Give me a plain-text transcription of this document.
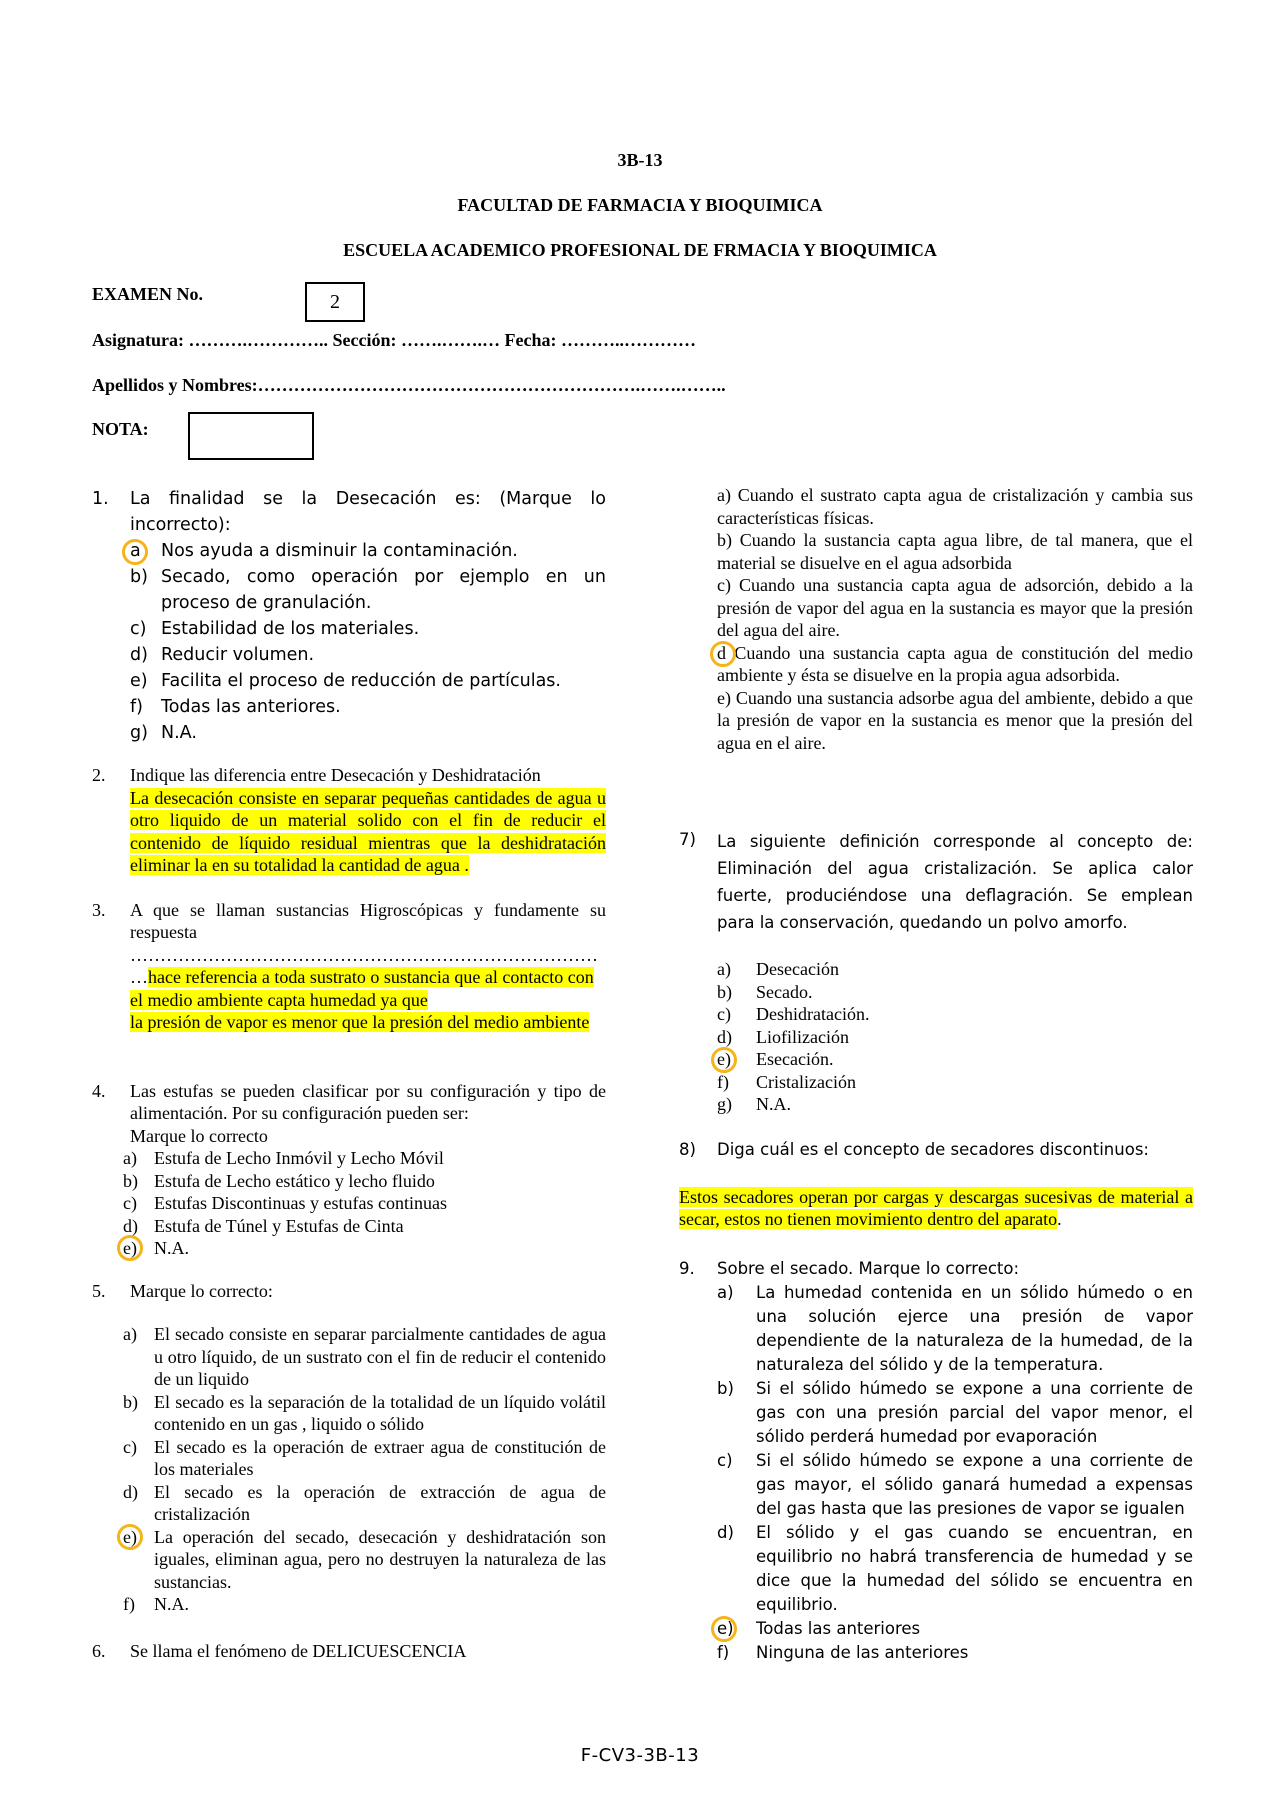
3B-13
FACULTAD DE FARMACIA Y BIOQUIMICA
ESCUELA ACADEMICO PROFESIONAL DE FRMACIA Y BIOQUIMICA
EXAMEN No.	2
Asignatura: ……….………….. Sección: …….…….… Fecha: ………..…………
Apellidos y Nombres:……………………………………………………….…….……..
NOTA:
1. La finalidad se la Desecación es: (Marque lo incorrecto):
a Nos ayuda a disminuir la contaminación.
b) Secado, como operación por ejemplo en un proceso de granulación.
c) Estabilidad de los materiales.
d) Reducir volumen.
e) Facilita el proceso de reducción de partículas.
f) Todas las anteriores.
g) N.A.
2. Indique las diferencia entre Desecación y Deshidratación
La desecación consiste en separar pequeñas cantidades de agua u otro liquido de un material solido con el fin de reducir el contenido de líquido residual mientras que la deshidratación eliminar la en su totalidad la cantidad de agua .
3. A que se llaman sustancias Higroscópicas y fundamente su respuesta
……………………………………………………………………
…hace referencia a toda sustrato o sustancia que al contacto con el medio ambiente capta humedad ya que
la presión de vapor es menor que la presión del medio ambiente
4. Las estufas se pueden clasificar por su configuración y tipo de alimentación. Por su configuración pueden ser:
Marque lo correcto
a) Estufa de Lecho Inmóvil y Lecho Móvil
b) Estufa de Lecho estático y lecho fluido
c) Estufas Discontinuas y estufas continuas
d) Estufa de Túnel y Estufas de Cinta
e) N.A.
5. Marque lo correcto:
a) El secado consiste en separar parcialmente cantidades de agua u otro líquido, de un sustrato con el fin de reducir el contenido de un liquido
b) El secado es la separación de la totalidad de un líquido volátil contenido en un gas , liquido o sólido
c) El secado es la operación de extraer agua de constitución de los materiales
d) El secado es la operación de extracción de agua de cristalización
e) La operación del secado, desecación y deshidratación son iguales, eliminan agua, pero no destruyen la naturaleza de las sustancias.
f) N.A.
6. Se llama el fenómeno de DELICUESCENCIA
a) Cuando el sustrato capta agua de cristalización y cambia sus características físicas.
b) Cuando la sustancia capta agua libre, de tal manera, que el material se disuelve en el agua adsorbida
c) Cuando una sustancia capta agua de adsorción, debido a la presión de vapor del agua en la sustancia es mayor que la presión del agua del aire.
d Cuando una sustancia capta agua de constitución del medio ambiente y ésta se disuelve en la propia agua adsorbida.
e) Cuando una sustancia adsorbe agua del ambiente, debido a que la presión de vapor en la sustancia es menor que la presión del agua en el aire.
7) La siguiente definición corresponde al concepto de: Eliminación del agua cristalización. Se aplica calor fuerte, produciéndose una deflagración. Se emplean para la conservación, quedando un polvo amorfo.
a) Desecación
b) Secado.
c) Deshidratación.
d) Liofilización
e) Esecación.
f) Cristalización
g) N.A.
8) Diga cuál es el concepto de secadores discontinuos:
Estos secadores operan por cargas y descargas sucesivas de material a secar, estos no tienen movimiento dentro del aparato.
9. Sobre el secado. Marque lo correcto:
a) La humedad contenida en un sólido húmedo o en una solución ejerce una presión de vapor dependiente de la naturaleza de la humedad, de la naturaleza del sólido y de la temperatura.
b) Si el sólido húmedo se expone a una corriente de gas con una presión parcial del vapor menor, el sólido perderá humedad por evaporación
c) Si el sólido húmedo se expone a una corriente de gas mayor, el sólido ganará humedad a expensas del gas hasta que las presiones de vapor se igualen
d) El sólido y el gas cuando se encuentran, en equilibrio no habrá transferencia de humedad y se dice que la humedad del sólido se encuentra en equilibrio.
e) Todas las anteriores
f) Ninguna de las anteriores
F-CV3-3B-13
